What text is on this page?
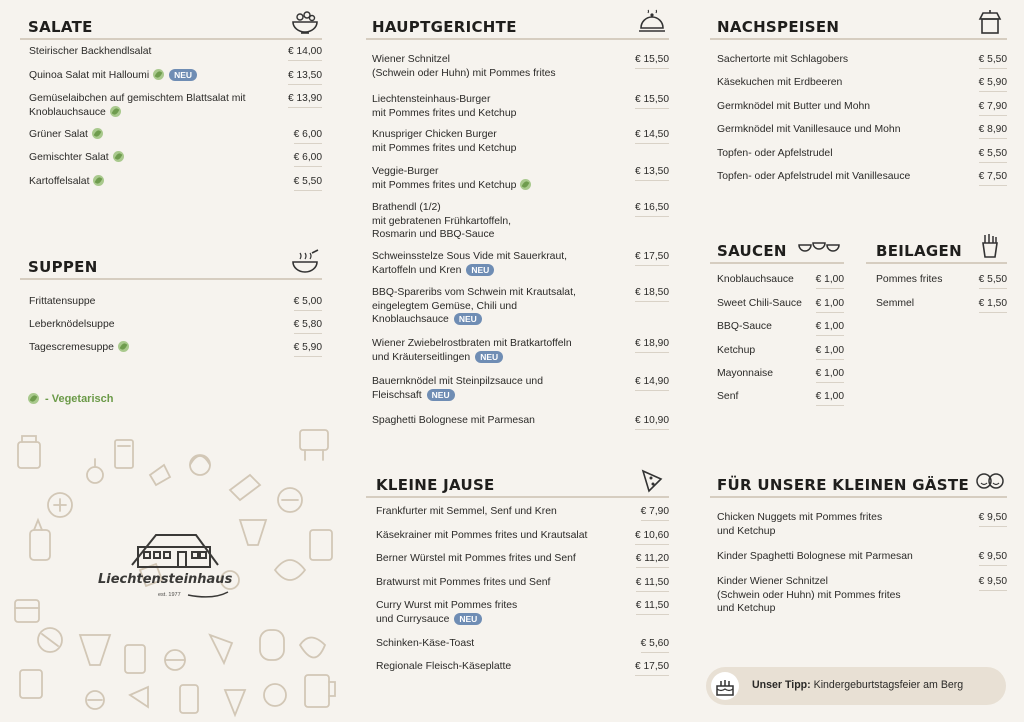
SALATE
Steirischer Backhendlsalat	€ 14,00
Quinoa Salat mit Halloumi	NEU	€ 13,50
Gemüselaibchen auf gemischtem Blattsalat mit
Knoblauchsauce
€ 13,90
Grüner Salat	€ 6,00
Gemischter Salat	€ 6,00
Kartoffelsalat	€ 5,50
SUPPEN
Frittatensuppe	€ 5,00
Leberknödelsuppe	€ 5,80
Tagescremesuppe	€ 5,90
- Vegetarisch
Liechtensteinhaus
est. 1977
HAUPTGERICHTE
Wiener Schnitzel
(Schwein oder Huhn) mit Pommes frites
€ 15,50
Liechtensteinhaus-Burger
mit Pommes frites und Ketchup
€ 15,50
Knuspriger Chicken Burger
mit Pommes frites und Ketchup
€ 14,50
Veggie-Burger
mit Pommes frites und Ketchup
€ 13,50
Brathendl (1/2)
mit gebratenen Frühkartoffeln,
Rosmarin und BBQ-Sauce
€ 16,50
Schweinsstelze Sous Vide mit Sauerkraut,
Kartoffeln und Kren NEU
€ 17,50
BBQ-Spareribs vom Schwein mit Krautsalat,
eingelegtem Gemüse, Chili und
Knoblauchsauce NEU
€ 18,50
Wiener Zwiebelrostbraten mit Bratkartoffeln
und Kräuterseitlingen NEU
€ 18,90
Bauernknödel mit Steinpilzsauce und
Fleischsaft NEU
€ 14,90
Spaghetti Bolognese mit Parmesan	€ 10,90
KLEINE JAUSE
Frankfurter mit Semmel, Senf und Kren	€ 7,90
Käsekrainer mit Pommes frites und Krautsalat	€ 10,60
Berner Würstel mit Pommes frites und Senf	€ 11,20
Bratwurst mit Pommes frites und Senf	€ 11,50
Curry Wurst mit Pommes frites
und Currysauce NEU
€ 11,50
Schinken-Käse-Toast	€ 5,60
Regionale Fleisch-Käseplatte	€ 17,50
NACHSPEISEN
Sachertorte mit Schlagobers	€ 5,50
Käsekuchen mit Erdbeeren	€ 5,90
Germknödel mit Butter und Mohn	€ 7,90
Germknödel mit Vanillesauce und Mohn	€ 8,90
Topfen- oder Apfelstrudel	€ 5,50
Topfen- oder Apfelstrudel mit Vanillesauce	€ 7,50
SAUCEN
Knoblauchsauce € 1,00
Sweet Chili-Sauce € 1,00
BBQ-Sauce	€ 1,00
Ketchup	€ 1,00
Mayonnaise	€ 1,00
Senf	€ 1,00
BEILAGEN
Pommes frites	€ 5,50
Semmel	€ 1,50
FÜR UNSERE KLEINEN GÄSTE
Chicken Nuggets mit Pommes frites
und Ketchup
€ 9,50
Kinder Spaghetti Bolognese mit Parmesan	€ 9,50
Kinder Wiener Schnitzel
(Schwein oder Huhn) mit Pommes frites
und Ketchup
€ 9,50
Unser Tipp: Kindergeburtstagsfeier am Berg
